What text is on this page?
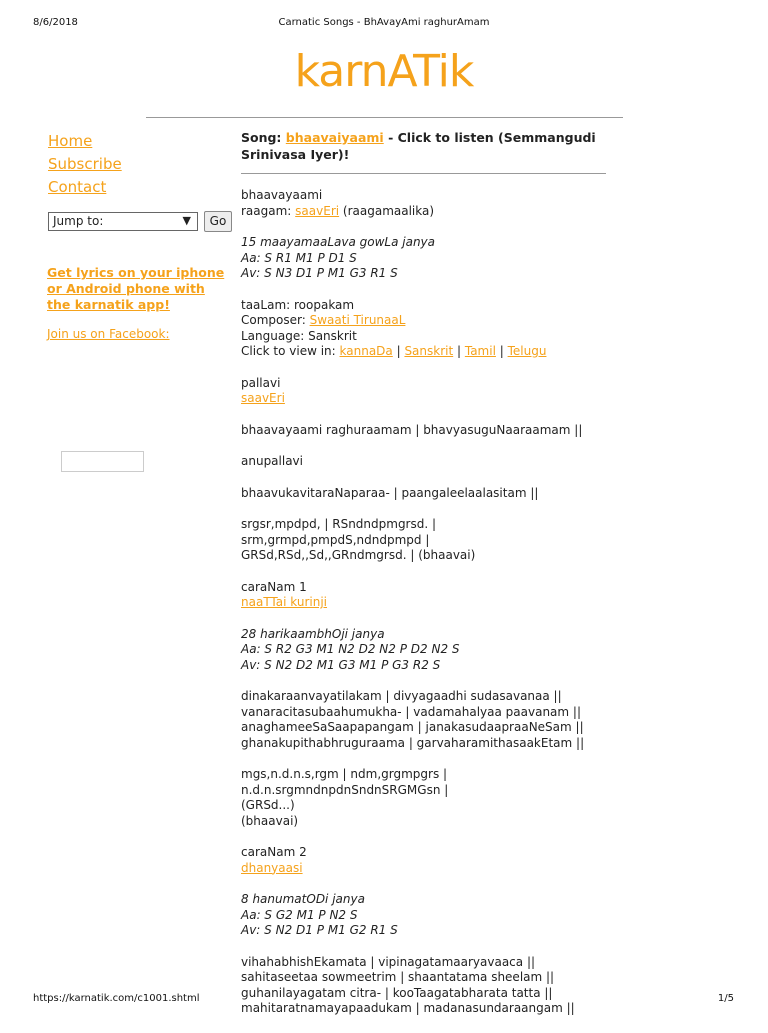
8/6/2018	Carnatic Songs - BhAvayAmi raghurAmam
karnATik
Home
Subscribe
Contact
Jump to:	▼	Go
Get lyrics on your iphone or Android phone with the karnatik app!
Join us on Facebook:
Song: bhaavaiyaami - Click to listen (Semmangudi Srinivasa Iyer)!

bhaavayaami
raagam: saavEri (raagamaalika)

15 maayamaaLava gowLa janya
Aa: S R1 M1 P D1 S
Av: S N3 D1 P M1 G3 R1 S

taaLam: roopakam
Composer: Swaati TirunaaL
Language: Sanskrit
Click to view in: kannaDa | Sanskrit | Tamil | Telugu

pallavi
saavEri

bhaavayaami raghuraamam | bhavyasuguNaaraamam ||

anupallavi

bhaavukavitaraNaparaa- | paangaleelaalasitam ||

srgsr,mpdpd, | RSndndpmgrsd. |
srm,grmpd,pmpdS,ndndpmpd |
GRSd,RSd,,Sd,,GRndmgrsd. | (bhaavai)

caraNam 1
naaTTai kurinji

28 harikaambhOji janya
Aa: S R2 G3 M1 N2 D2 N2 P D2 N2 S
Av: S N2 D2 M1 G3 M1 P G3 R2 S

dinakaraanvayatilakam | divyagaadhi sudasavanaa ||
vanaracitasubaahumukha- | vadamahalyaa paavanam ||
anaghameeSaSaapapangam | janakasudaapraaNeSam ||
ghanakupithabhruguraama | garvaharamithasaakEtam ||

mgs,n.d.n.s,rgm | ndm,grgmpgrs |
n.d.n.srgmndnpdnSndnSRGMGsn |
(GRSd...)
(bhaavai)

caraNam 2
dhanyaasi

8 hanumatODi janya
Aa: S G2 M1 P N2 S
Av: S N2 D1 P M1 G2 R1 S

vihahabhishEkamata | vipinagatamaaryavaaca ||
sahitaseetaa sowmeetrim | shaantatama sheelam ||
guhanilayagatam citra- | kooTaagatabharata tatta ||
mahitaratnamayapaadukam | madanasundaraangam ||

https://karnatik.com/c1001.shtml	1/5
